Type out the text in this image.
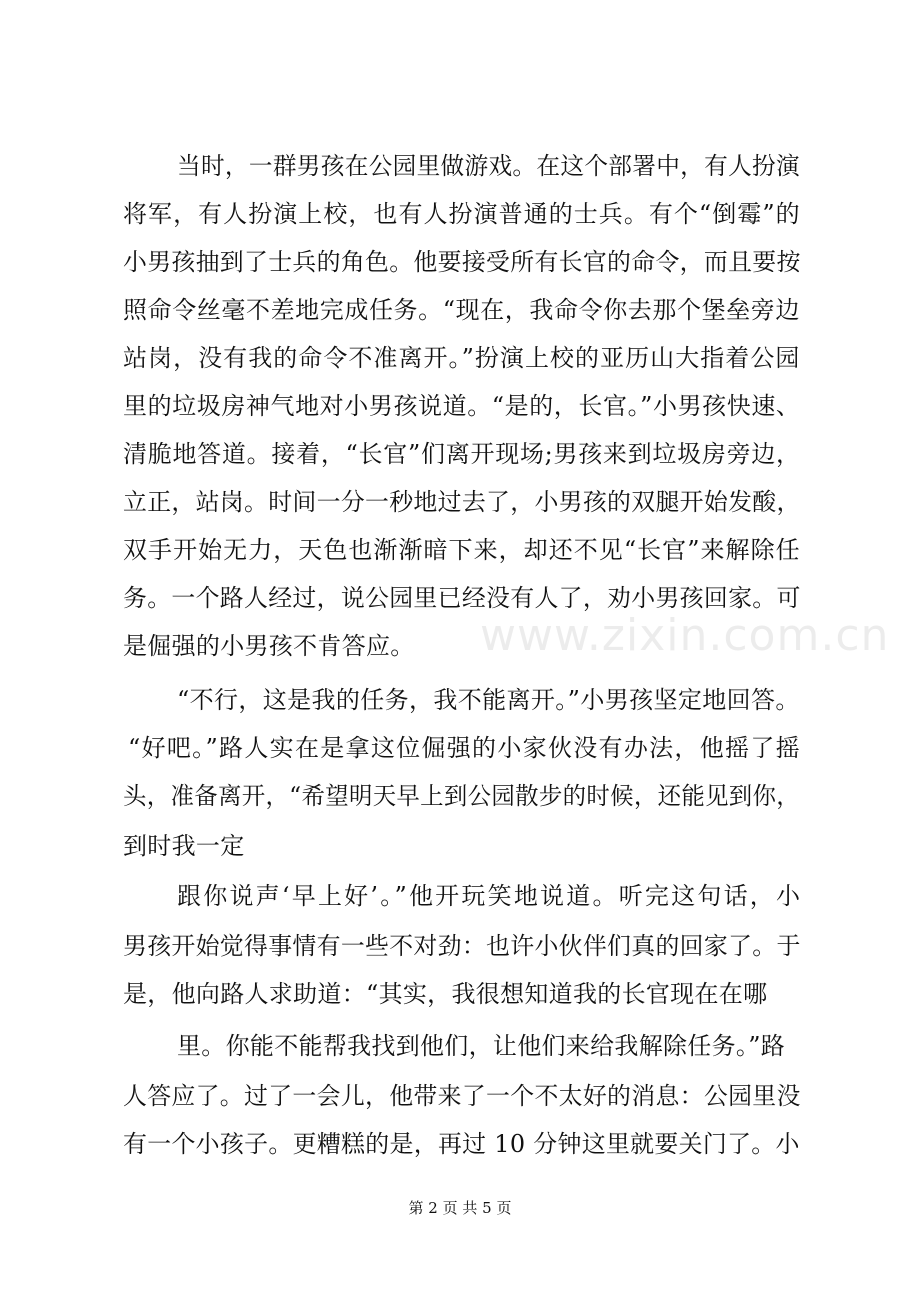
当时，一群男孩在公园里做游戏。在这个部署中，有人扮演
将军，有人扮演上校，也有人扮演普通的士兵。有个“倒霉”的
小男孩抽到了士兵的角色。他要接受所有长官的命令，而且要按
照命令丝毫不差地完成任务。“现在，我命令你去那个堡垒旁边
站岗，没有我的命令不准离开。”扮演上校的亚历山大指着公园
里的垃圾房神气地对小男孩说道。“是的，长官。”小男孩快速、
清脆地答道。接着，“长官”们离开现场;男孩来到垃圾房旁边，
立正，站岗。时间一分一秒地过去了，小男孩的双腿开始发酸，
双手开始无力，天色也渐渐暗下来，却还不见“长官”来解除任
务。一个路人经过，说公园里已经没有人了，劝小男孩回家。可
是倔强的小男孩不肯答应。
“不行，这是我的任务，我不能离开。”小男孩坚定地回答。
“好吧。”路人实在是拿这位倔强的小家伙没有办法，他摇了摇
头，准备离开，“希望明天早上到公园散步的时候，还能见到你，
到时我一定
跟你说声‘早上好’。”他开玩笑地说道。听完这句话，小
男孩开始觉得事情有一些不对劲：也许小伙伴们真的回家了。于
是，他向路人求助道：“其实，我很想知道我的长官现在在哪
里。你能不能帮我找到他们，让他们来给我解除任务。”路
人答应了。过了一会儿，他带来了一个不太好的消息：公园里没
有一个小孩子。更糟糕的是，再过 10 分钟这里就要关门了。小
www.zixin.com.cn
第 2 页 共 5 页
